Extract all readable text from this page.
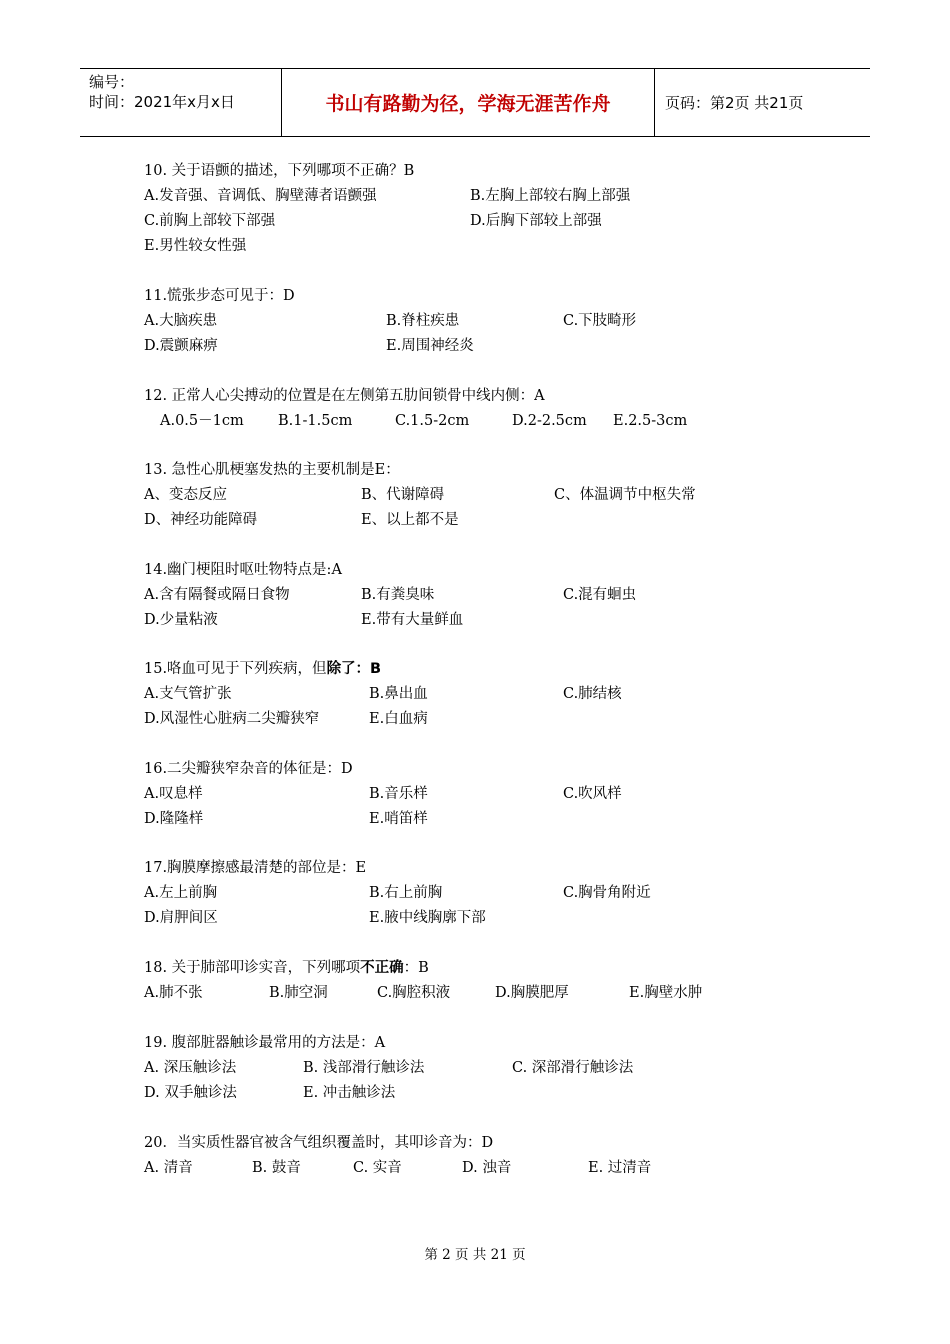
编号：
时间：2021年x月x日	书山有路勤为径，学海无涯苦作舟	页码：第2页 共21页
10. 关于语颤的描述，下列哪项不正确？B
A.发音强、音调低、胸壁薄者语颤强	B.左胸上部较右胸上部强
C.前胸上部较下部强	D.后胸下部较上部强
E.男性较女性强
11.慌张步态可见于：D
A.大脑疾患	B.脊柱疾患	C.下肢畸形
D.震颤麻痹	E.周围神经炎
12. 正常人心尖搏动的位置是在左侧第五肋间锁骨中线内侧：A
A.0.5－1cm B.1-1.5cm	C.1.5-2cm	D.2-2.5cm E.2.5-3cm
13. 急性心肌梗塞发热的主要机制是E：
A、变态反应	B、代谢障碍	C、体温调节中枢失常
D、神经功能障碍	E、以上都不是
14.幽门梗阻时呕吐物特点是:A
A.含有隔餐或隔日食物	B.有粪臭味	C.混有蛔虫
D.少量粘液	E.带有大量鲜血
15.咯血可见于下列疾病，但除了：B
A.支气管扩张	B.鼻出血	C.肺结核
D.风湿性心脏病二尖瓣狭窄	E.白血病
16.二尖瓣狭窄杂音的体征是：D
A.叹息样	B.音乐样	C.吹风样
D.隆隆样	E.哨笛样
17.胸膜摩擦感最清楚的部位是：E
A.左上前胸	B.右上前胸	C.胸骨角附近
D.肩胛间区	E.腋中线胸廓下部
18. 关于肺部叩诊实音，下列哪项不正确：B
A.肺不张	B.肺空洞	C.胸腔积液	D.胸膜肥厚	E.胸壁水肿
19. 腹部脏器触诊最常用的方法是：A
A. 深压触诊法	B. 浅部滑行触诊法	C. 深部滑行触诊法
D. 双手触诊法	E. 冲击触诊法
20．当实质性器官被含气组织覆盖时，其叩诊音为：D
A. 清音	B. 鼓音	C. 实音	D. 浊音	E. 过清音
第 2 页 共 21 页
